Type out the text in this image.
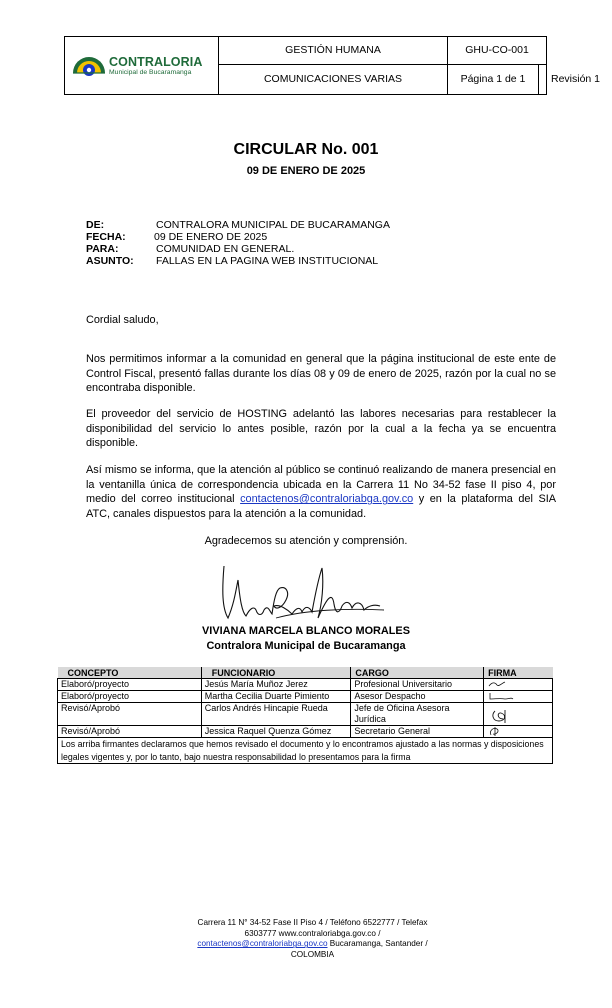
CONTRALORIA
Municipal de Bucaramanga
GESTIÓN HUMANA	GHU-CO-001
COMUNICACIONES VARIAS	Página 1 de 1	Revisión 1
CIRCULAR No. 001
09 DE ENERO DE 2025
DE:	CONTRALORA MUNICIPAL DE BUCARAMANGA
FECHA:	09 DE ENERO DE 2025
PARA:	COMUNIDAD EN GENERAL.
ASUNTO:	FALLAS EN LA PAGINA WEB INSTITUCIONAL
Cordial saludo,
Nos permitimos informar a la comunidad en general que la página institucional de este ente de Control Fiscal, presentó fallas durante los días 08 y 09 de enero de 2025, razón por la cual no se encontraba disponible.
El proveedor del servicio de HOSTING adelantó las labores necesarias para restablecer la disponibilidad del servicio lo antes posible, razón por la cual a la fecha ya se encuentra disponible.
Así mismo se informa, que la atención al público se continuó realizando de manera presencial en la ventanilla única de correspondencia ubicada en la Carrera 11 No 34-52 fase II piso 4, por medio del correo institucional contactenos@contraloriabga.gov.co y en la plataforma del SIA ATC, canales dispuestos para la atención a la comunidad.
Agradecemos su atención y comprensión.
VIVIANA MARCELA BLANCO MORALES
Contralora Municipal de Bucaramanga
CONCEPTO	FUNCIONARIO	CARGO	FIRMA
Elaboró/proyecto	Jesús María Muñoz Jerez	Profesional Universitario	

Elaboró/proyecto	Martha Cecilia Duarte Pimiento	Asesor Despacho	

Revisó/Aprobó	Carlos Andrés Hincapie Rueda	Jefe de Oficina Asesora Jurídica	

Revisó/Aprobó	Jessica Raquel Quenza Gómez	Secretario General	

Los arriba firmantes declaramos que hemos revisado el documento y lo encontramos ajustado a las normas y disposiciones legales vigentes y, por lo tanto, bajo nuestra responsabilidad lo presentamos para la firma			
Carrera 11 N° 34-52 Fase II Piso 4 / Teléfono 6522777 / Telefax
6303777 www.contraloriabga.gov.co /
contactenos@contraloriabga.gov.co Bucaramanga, Santander /
COLOMBIA
